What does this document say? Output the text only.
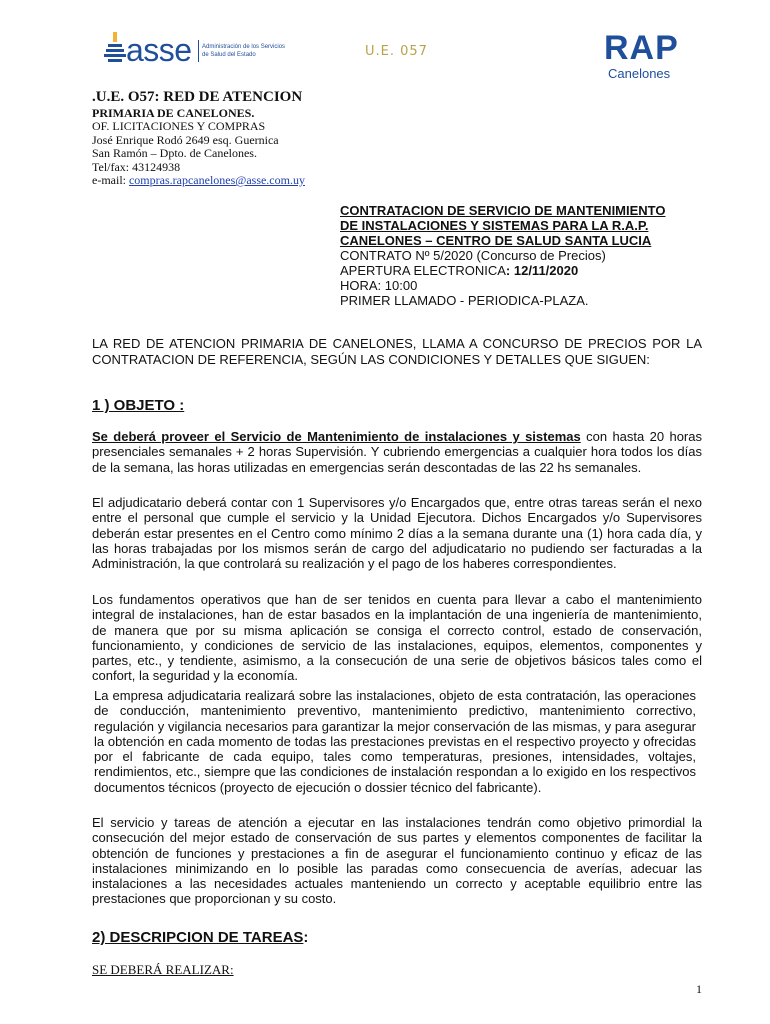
asse Administración de los Servicios de Salud del Estado	U.E. 057	RAP
Canelones
.U.E. O57: RED DE ATENCION
PRIMARIA DE CANELONES.
OF. LICITACIONES Y COMPRAS
José Enrique Rodó 2649 esq. Guernica
San Ramón – Dpto. de Canelones.
Tel/fax: 43124938
e-mail: compras.rapcanelones@asse.com.uy
CONTRATACION DE SERVICIO DE MANTENIMIENTO
DE INSTALACIONES Y SISTEMAS PARA LA R.A.P.
CANELONES – CENTRO DE SALUD SANTA LUCIA
CONTRATO Nº 5/2020 (Concurso de Precios)
APERTURA ELECTRONICA: 12/11/2020
HORA: 10:00
PRIMER LLAMADO - PERIODICA-PLAZA.
LA RED DE ATENCION PRIMARIA DE CANELONES, LLAMA A CONCURSO DE PRECIOS POR LA CONTRATACION DE REFERENCIA, SEGÚN LAS CONDICIONES Y DETALLES QUE SIGUEN:
1 ) OBJETO :
Se deberá proveer el Servicio de Mantenimiento de instalaciones y sistemas con hasta 20 horas presenciales semanales + 2 horas Supervisión. Y cubriendo emergencias a cualquier hora todos los días de la semana, las horas utilizadas en emergencias serán descontadas de las 22 hs semanales.
El adjudicatario deberá contar con 1 Supervisores y/o Encargados que, entre otras tareas serán el nexo entre el personal que cumple el servicio y la Unidad Ejecutora. Dichos Encargados y/o Supervisores deberán estar presentes en el Centro como mínimo 2 días a la semana durante una (1) hora cada día, y las horas trabajadas por los mismos serán de cargo del adjudicatario no pudiendo ser facturadas a la Administración, la que controlará su realización y el pago de los haberes correspondientes.
Los fundamentos operativos que han de ser tenidos en cuenta para llevar a cabo el mantenimiento integral de instalaciones, han de estar basados en la implantación de una ingeniería de mantenimiento, de manera que por su misma aplicación se consiga el correcto control, estado de conservación, funcionamiento, y condiciones de servicio de las instalaciones, equipos, elementos, componentes y partes, etc., y tendiente, asimismo, a la consecución de una serie de objetivos básicos tales como el confort, la seguridad y la economía.
La empresa adjudicataria realizará sobre las instalaciones, objeto de esta contratación, las operaciones de conducción, mantenimiento preventivo, mantenimiento predictivo, mantenimiento correctivo, regulación y vigilancia necesarios para garantizar la mejor conservación de las mismas, y para asegurar la obtención en cada momento de todas las prestaciones previstas en el respectivo proyecto y ofrecidas por el fabricante de cada equipo, tales como temperaturas, presiones, intensidades, voltajes, rendimientos, etc., siempre que las condiciones de instalación respondan a lo exigido en los respectivos documentos técnicos (proyecto de ejecución o dossier técnico del fabricante).
El servicio y tareas de atención a ejecutar en las instalaciones tendrán como objetivo primordial la consecución del mejor estado de conservación de sus partes y elementos componentes de facilitar la obtención de funciones y prestaciones a fin de asegurar el funcionamiento continuo y eficaz de las instalaciones minimizando en lo posible las paradas como consecuencia de averías, adecuar las instalaciones a las necesidades actuales manteniendo un correcto y aceptable equilibrio entre las prestaciones que proporcionan y su costo.
2) DESCRIPCION DE TAREAS:
SE DEBERÁ REALIZAR:
1
